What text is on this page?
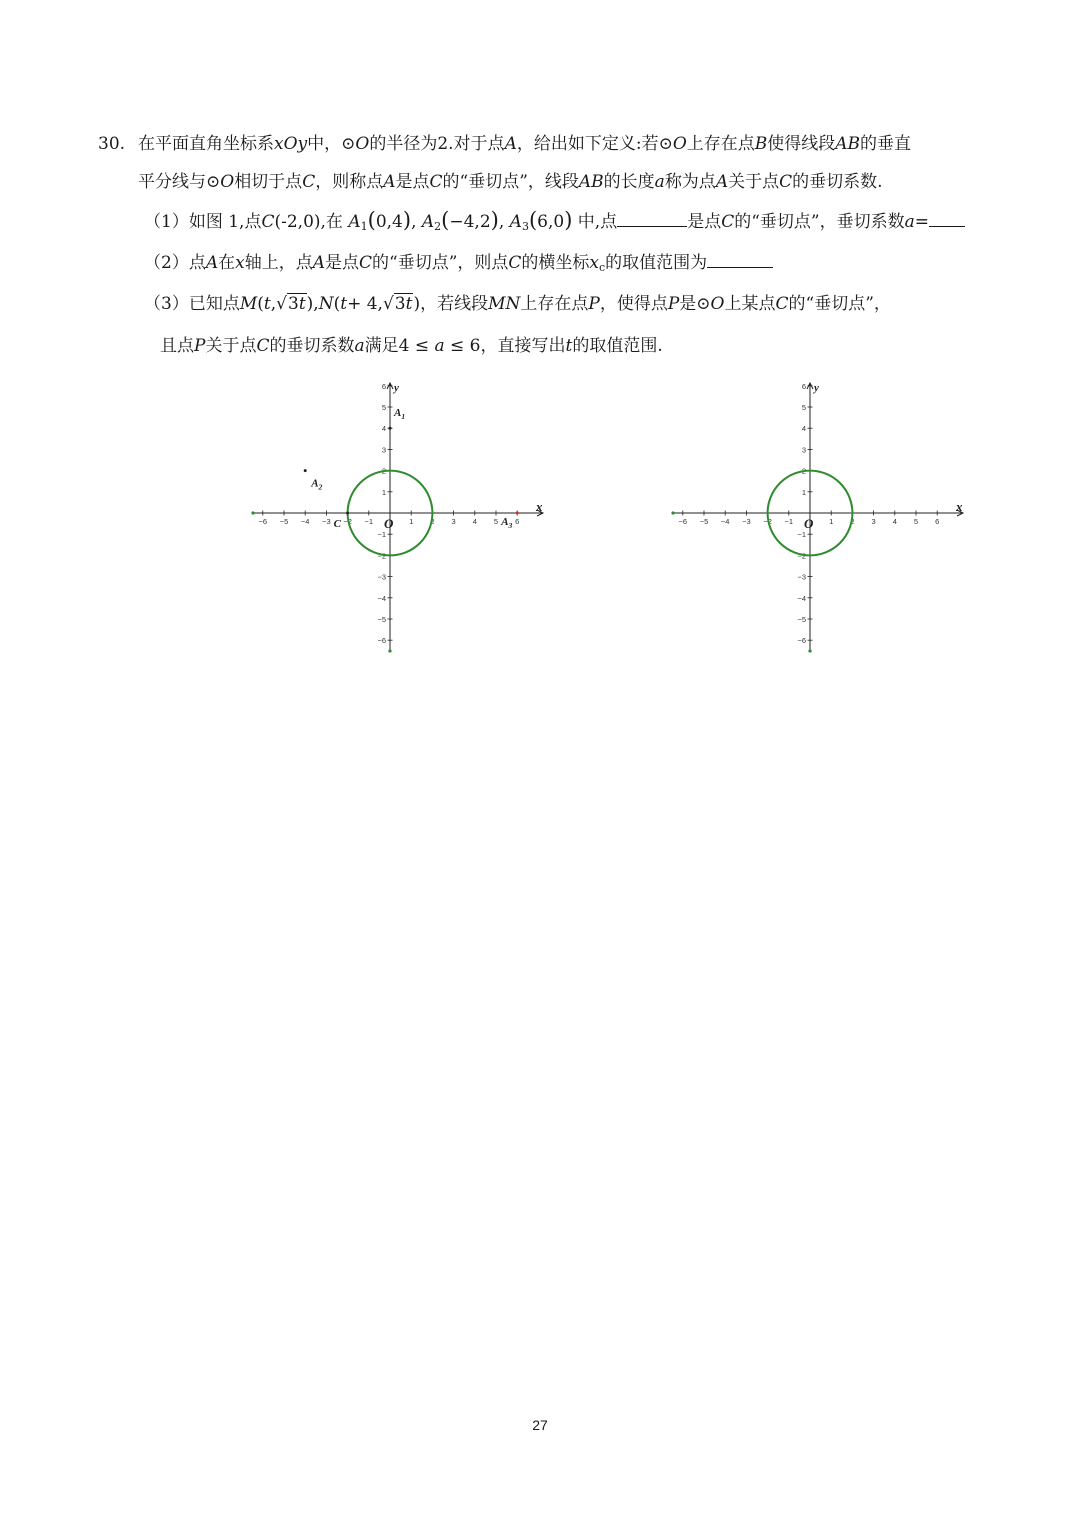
30. 在平面直角坐标系xOy中，⊙O的半径为2.对于点A，给出如下定义:若⊙O上存在点B使得线段AB的垂直
平分线与⊙O相切于点C，则称点A是点C的“垂切点”，线段AB的长度a称为点A关于点C的垂切系数.
（1）如图 1,点C(-2,0),在 $A_1(0,4)$, $A_2(-4,2)$, $A_3(6,0)$ 中,点	是点C的“垂切点”，垂切系数a=
（2）点A在x轴上，点A是点C的“垂切点”，则点C的横坐标$x_c$的取值范围为
（3）已知点M(t,√3t),N(t+ 4,√3t)，若线段MN上存在点P，使得点P是⊙O上某点C的“垂切点”，
且点P关于点C的垂切系数a满足4 ≤ a ≤ 6，直接写出t的取值范围.
−6 −5 −4 −3 −2 −1	1 2 3 4 5 6
6
5
4
3
2
1
−1
−2
−3
−4
−5
−6
x
y
O
$A_1$
$A_2$
$A_3$
C	−6 −5 −4 −3 −2 −1	1 2 3 4 5 6
6
5
4
3
2
1
−1
−2
−3
−4
−5
−6
x
y
O
27
